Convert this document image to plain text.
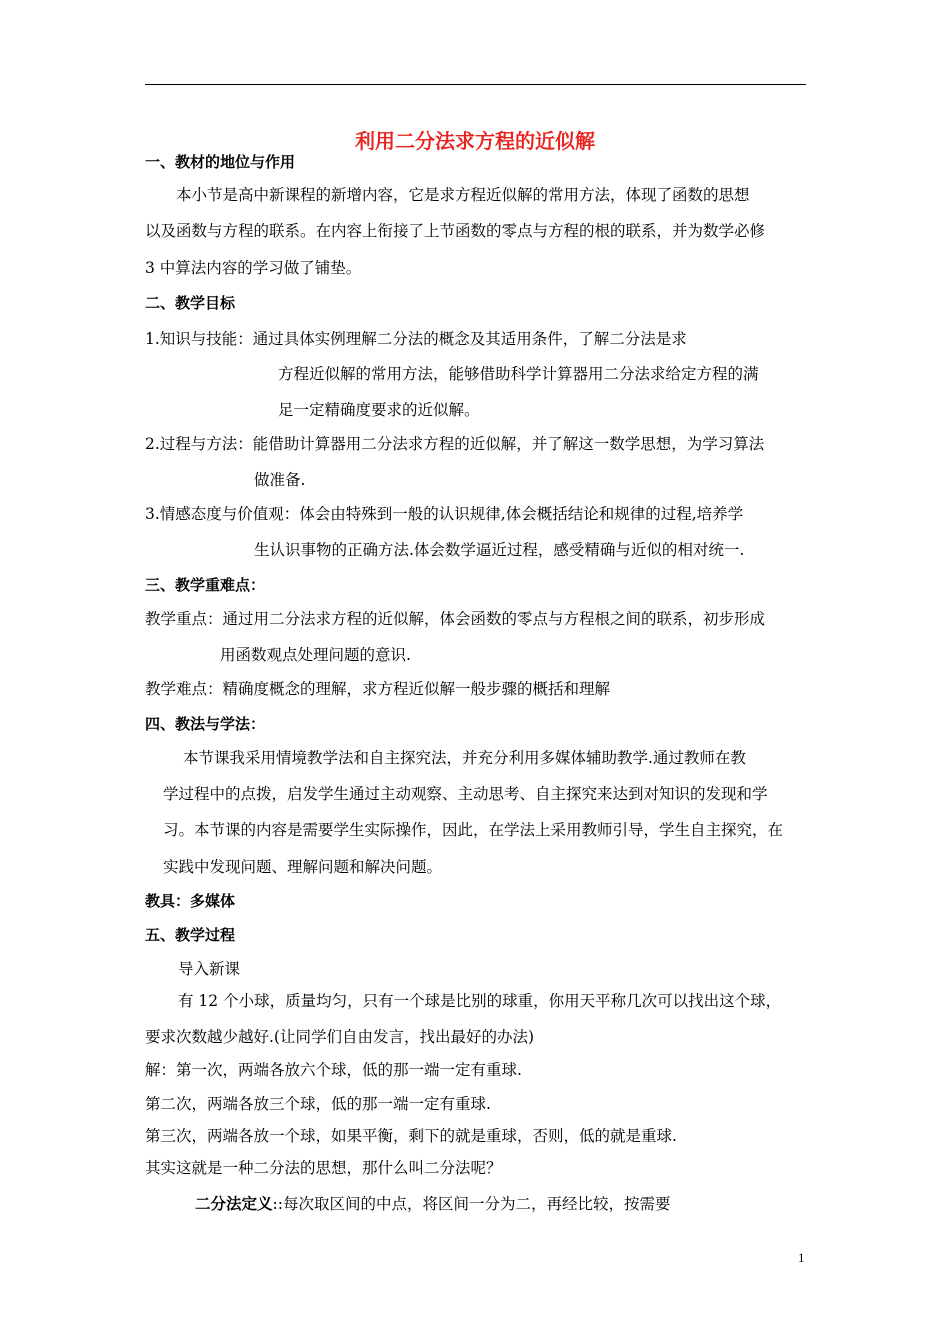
利用二分法求方程的近似解
一、教材的地位与作用
本小节是高中新课程的新增内容，它是求方程近似解的常用方法，体现了函数的思想
以及函数与方程的联系。在内容上衔接了上节函数的零点与方程的根的联系，并为数学必修
3 中算法内容的学习做了铺垫。
二、教学目标
1.知识与技能：通过具体实例理解二分法的概念及其适用条件，了解二分法是求
方程近似解的常用方法，能够借助科学计算器用二分法求给定方程的满
足一定精确度要求的近似解。
2.过程与方法：能借助计算器用二分法求方程的近似解，并了解这一数学思想，为学习算法
做准备.
3.情感态度与价值观：体会由特殊到一般的认识规律,体会概括结论和规律的过程,培养学
生认识事物的正确方法.体会数学逼近过程，感受精确与近似的相对统一.
三、教学重难点：
教学重点：通过用二分法求方程的近似解，体会函数的零点与方程根之间的联系，初步形成
用函数观点处理问题的意识.
教学难点：精确度概念的理解，求方程近似解一般步骤的概括和理解
四、教法与学法：
本节课我采用情境教学法和自主探究法，并充分利用多媒体辅助教学.通过教师在教
学过程中的点拨，启发学生通过主动观察、主动思考、自主探究来达到对知识的发现和学
习。本节课的内容是需要学生实际操作，因此，在学法上采用教师引导，学生自主探究，在
实践中发现问题、理解问题和解决问题。
教具：多媒体
五、教学过程
导入新课
有 12 个小球，质量均匀，只有一个球是比别的球重，你用天平称几次可以找出这个球，
要求次数越少越好.(让同学们自由发言，找出最好的办法)
解：第一次，两端各放六个球，低的那一端一定有重球.
第二次，两端各放三个球，低的那一端一定有重球.
第三次，两端各放一个球，如果平衡，剩下的就是重球，否则，低的就是重球.
其实这就是一种二分法的思想，那什么叫二分法呢？
二分法定义::每次取区间的中点，将区间一分为二，再经比较，按需要
1
